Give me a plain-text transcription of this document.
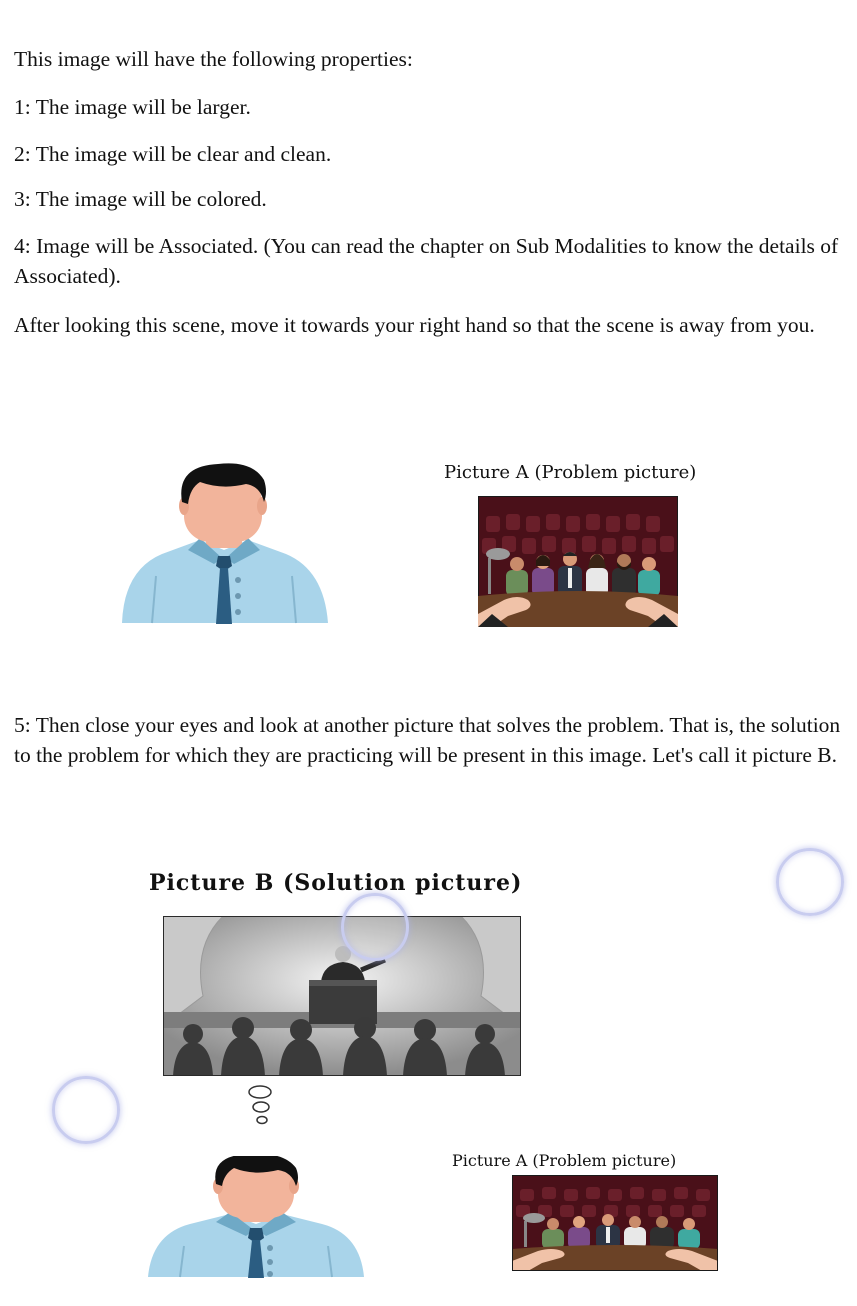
This image will have the following properties:

1: The image will be larger.

2: The image will be clear and clean.

3: The image will be colored.

4: Image will be Associated. (You can read the chapter on Sub Modalities to know the details of Associated).

After looking this scene, move it towards your right hand so that the scene is away from you.

Picture A (Problem picture)

5: Then close your eyes and look at another picture that solves the problem. That is, the solution to the problem for which they are practicing will be present in this image. Let's call it picture B.

Picture B (Solution picture)
Picture A (Problem picture)
